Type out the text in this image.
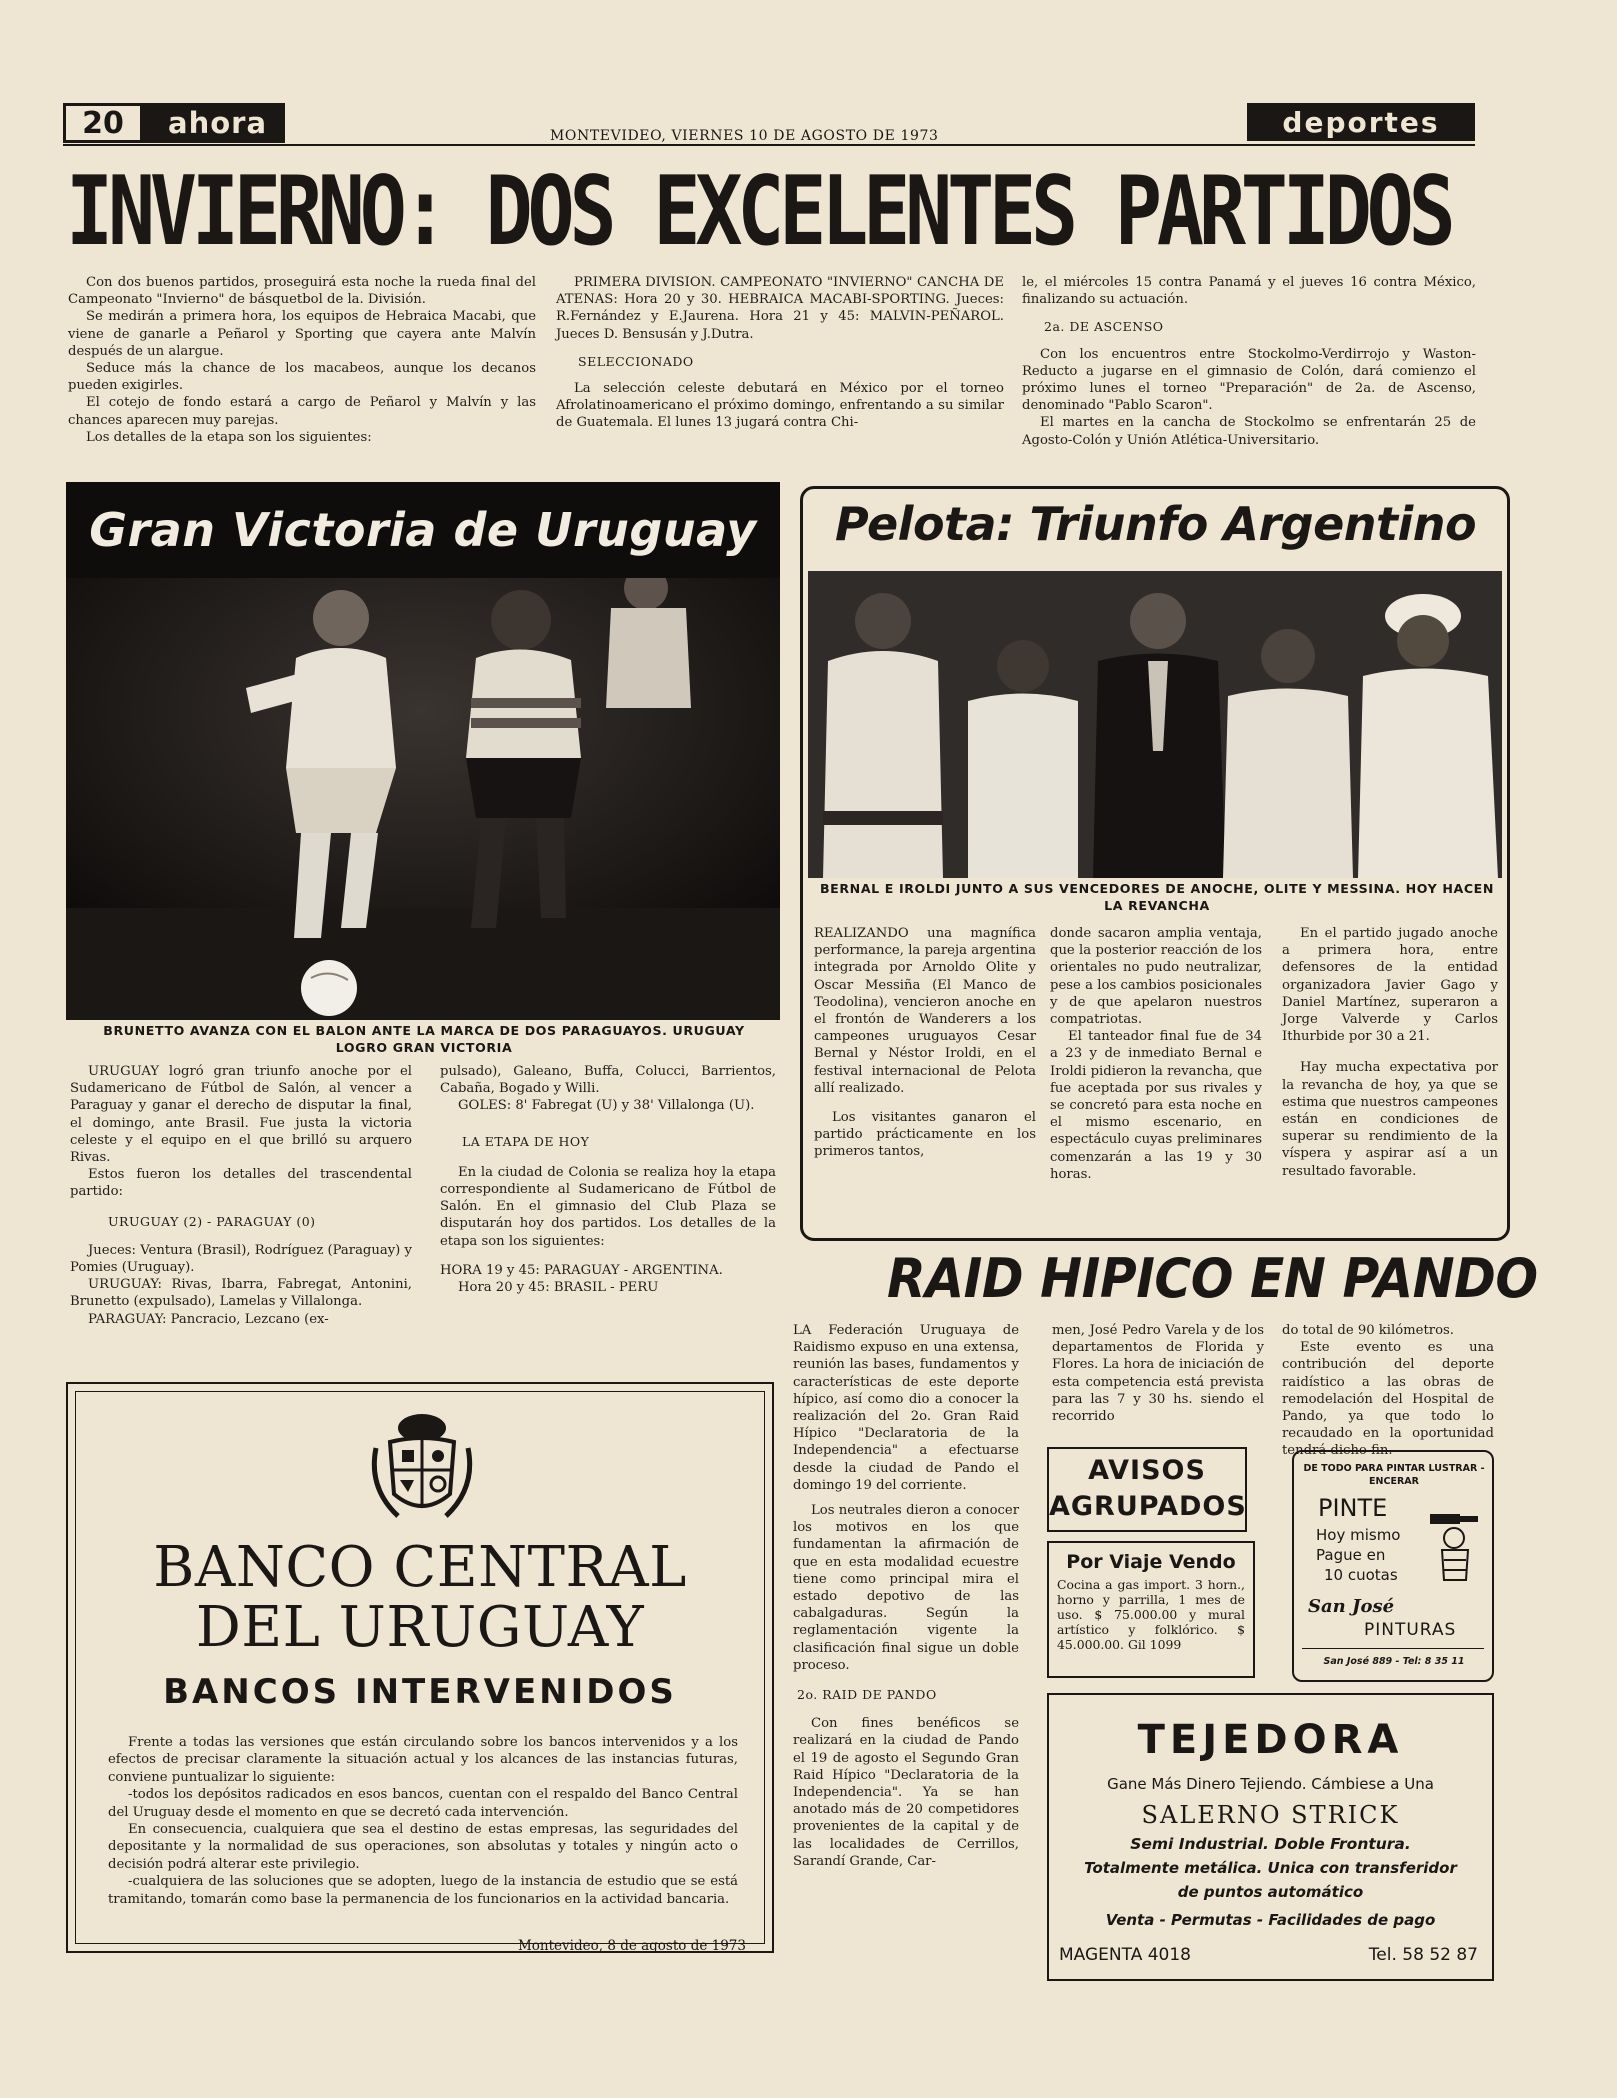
20	ahora	MONTEVIDEO, VIERNES 10 DE AGOSTO DE 1973	deportes
INVIERNO: DOS EXCELENTES PARTIDOS

Con dos buenos partidos, proseguirá esta noche la rueda final del Campeonato "Invierno" de básquetbol de la. División.

Se medirán a primera hora, los equipos de Hebraica Macabi, que viene de ganarle a Peñarol y Sporting que cayera ante Malvín después de un alargue.

Seduce más la chance de los macabeos, aunque los decanos pueden exigirles.

El cotejo de fondo estará a cargo de Peñarol y Malvín y las chances aparecen muy parejas.

Los detalles de la etapa son los siguientes:

PRIMERA DIVISION. CAMPEONATO "INVIERNO" CANCHA DE ATENAS: Hora 20 y 30. HEBRAICA MACABI-SPORTING. Jueces: R.Fernández y E.Jaurena. Hora 21 y 45: MALVIN-PEÑAROL. Jueces D. Bensusán y J.Dutra.

SELECCIONADO

La selección celeste debutará en México por el torneo Afrolatinoamericano el próximo domingo, enfrentando a su similar de Guatemala. El lunes 13 jugará contra Chi-

le, el miércoles 15 contra Panamá y el jueves 16 contra México, finalizando su actuación.

2a. DE ASCENSO

Con los encuentros entre Stockolmo-Verdirrojo y Waston-Reducto a jugarse en el gimnasio de Colón, dará comienzo el próximo lunes el torneo "Preparación" de 2a. de Ascenso, denominado "Pablo Scaron".

El martes en la cancha de Stockolmo se enfrentarán 25 de Agosto-Colón y Unión Atlética-Universitario.

Gran Victoria de Uruguay
BRUNETTO AVANZA CON EL BALON ANTE LA MARCA DE DOS PARAGUAYOS. URUGUAY LOGRO GRAN VICTORIA

URUGUAY logró gran triunfo anoche por el Sudamericano de Fútbol de Salón, al vencer a Paraguay y ganar el derecho de disputar la final, el domingo, ante Brasil. Fue justa la victoria celeste y el equipo en el que brilló su arquero Rivas.

Estos fueron los detalles del trascendental partido:

URUGUAY (2) - PARAGUAY (0)

Jueces: Ventura (Brasil), Rodríguez (Paraguay) y Pomies (Uruguay).

URUGUAY: Rivas, Ibarra, Fabregat, Antonini, Brunetto (expulsado), Lamelas y Villalonga.

PARAGUAY: Pancracio, Lezcano (ex-

pulsado), Galeano, Buffa, Colucci, Barrientos, Cabaña, Bogado y Willi.

GOLES: 8' Fabregat (U) y 38' Villalonga (U).

LA ETAPA DE HOY

En la ciudad de Colonia se realiza hoy la etapa correspondiente al Sudamericano de Fútbol de Salón. En el gimnasio del Club Plaza se disputarán hoy dos partidos. Los detalles de la etapa son los siguientes:

HORA 19 y 45: PARAGUAY - ARGENTINA.

Hora 20 y 45: BRASIL - PERU

Pelota: Triunfo Argentino
BERNAL E IROLDI JUNTO A SUS VENCEDORES DE ANOCHE, OLITE Y MESSINA. HOY HACEN LA REVANCHA

REALIZANDO una magnífica performance, la pareja argentina integrada por Arnoldo Olite y Oscar Messiña (El Manco de Teodolina), vencieron anoche en el frontón de Wanderers a los campeones uruguayos Cesar Bernal y Néstor Iroldi, en el festival internacional de Pelota allí realizado.

Los visitantes ganaron el partido prácticamente en los primeros tantos,

donde sacaron amplia ventaja, que la posterior reacción de los orientales no pudo neutralizar, pese a los cambios posicionales y de que apelaron nuestros compatriotas.

El tanteador final fue de 34 a 23 y de inmediato Bernal e Iroldi pidieron la revancha, que fue aceptada por sus rivales y se concretó para esta noche en el mismo escenario, en espectáculo cuyas preliminares comenzarán a las 19 y 30 horas.

En el partido jugado anoche a primera hora, entre defensores de la entidad organizadora Javier Gago y Daniel Martínez, superaron a Jorge Valverde y Carlos Ithurbide por 30 a 21.

Hay mucha expectativa por la revancha de hoy, ya que se estima que nuestros campeones están en condiciones de superar su rendimiento de la víspera y aspirar así a un resultado favorable.

RAID HIPICO EN PANDO

LA Federación Uruguaya de Raidismo expuso en una extensa, reunión las bases, fundamentos y características de este deporte hípico, así como dio a conocer la realización del 2o. Gran Raid Hípico "Declaratoria de la Independencia" a efectuarse desde la ciudad de Pando el domingo 19 del corriente.

Los neutrales dieron a conocer los motivos en los que fundamentan la afirmación de que en esta modalidad ecuestre tiene como principal mira el estado depotivo de las cabalgaduras. Según la reglamentación vigente la clasificación final sigue un doble proceso.

2o. RAID DE PANDO

Con fines benéficos se realizará en la ciudad de Pando el 19 de agosto el Segundo Gran Raid Hípico "Declaratoria de la Independencia". Ya se han anotado más de 20 competidores provenientes de la capital y de las localidades de Cerrillos, Sarandí Grande, Car-

men, José Pedro Varela y de los departamentos de Florida y Flores. La hora de iniciación de esta competencia está prevista para las 7 y 30 hs. siendo el recorrido

do total de 90 kilómetros.

Este evento es una contribución del deporte raidístico a las obras de remodelación del Hospital de Pando, ya que todo lo recaudado en la oportunidad tendrá dicho fin.

BANCO CENTRAL
DEL URUGUAY
BANCOS INTERVENIDOS

Frente a todas las versiones que están circulando sobre los bancos intervenidos y a los efectos de precisar claramente la situación actual y los alcances de las instancias futuras, conviene puntualizar lo siguiente:

-todos los depósitos radicados en esos bancos, cuentan con el respaldo del Banco Central del Uruguay desde el momento en que se decretó cada intervención.

En consecuencia, cualquiera que sea el destino de estas empresas, las seguridades del depositante y la normalidad de sus operaciones, son absolutas y totales y ningún acto o decisión podrá alterar este privilegio.

-cualquiera de las soluciones que se adopten, luego de la instancia de estudio que se está tramitando, tomarán como base la permanencia de los funcionarios en la actividad bancaria.

Montevideo, 8 de agosto de 1973
AVISOS
AGRUPADOS
Por Viaje Vendo
Cocina a gas import. 3 horn., horno y parrilla, 1 mes de uso. $ 75.000.00 y mural artístico y folklórico. $ 45.000.00. Gil 1099
DE TODO PARA PINTAR LUSTRAR - ENCERAR
PINTE
Hoy mismo
Pague en
10 cuotas
San José
PINTURAS
San José 889 - Tel: 8 35 11
TEJEDORA
Gane Más Dinero Tejiendo. Cámbiese a Una
SALERNO STRICK
Semi Industrial. Doble Frontura.
Totalmente metálica. Unica con transferidor
de puntos automático
Venta - Permutas - Facilidades de pago
MAGENTA 4018	Tel. 58 52 87
